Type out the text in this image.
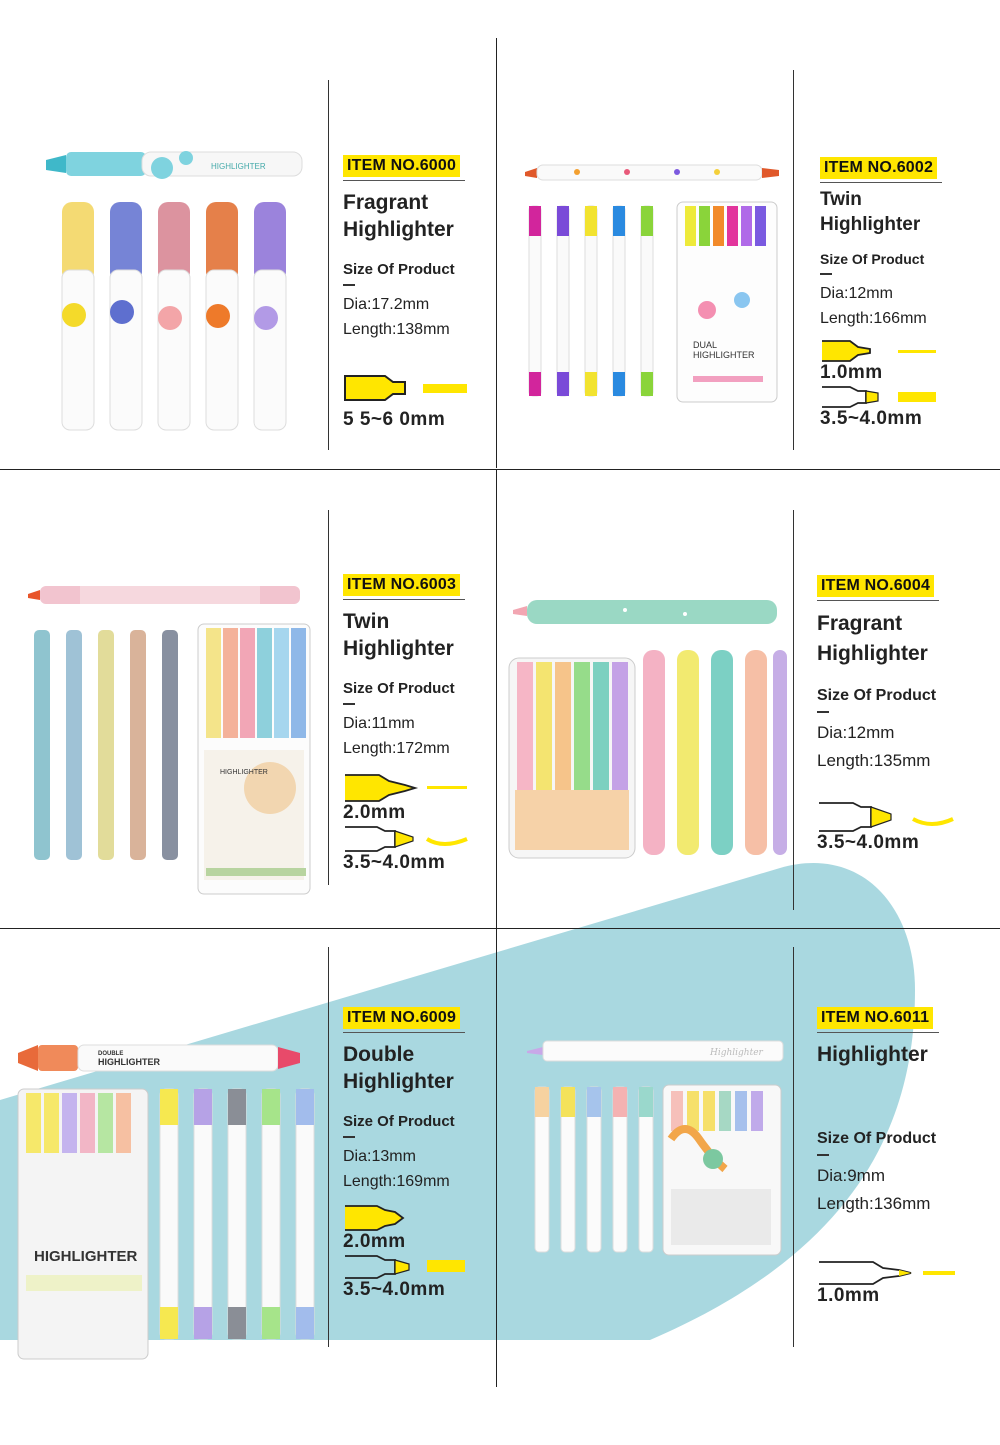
HIGHLIGHTER	ITEM NO.6000
Fragrant
Highlighter
Size Of Product
Dia:17.2mm
Length:138mm
5 5~6 0mm
DUAL
HIGHLIGHTER
ITEM NO.6002
Twin
Highlighter
Size Of Product
Dia:12mm
Length:166mm
1.0mm
3.5~4.0mm
HIGHLIGHTER
ITEM NO.6003
Twin
Highlighter
Size Of Product
Dia:11mm
Length:172mm
2.0mm
3.5~4.0mm
ITEM NO.6004
Fragrant
Highlighter
Size Of Product
Dia:12mm
Length:135mm
3.5~4.0mm
DOUBLE
HIGHLIGHTER
HIGHLIGHTER
ITEM NO.6009
Double
Highlighter
Size Of Product
Dia:13mm
Length:169mm
2.0mm
3.5~4.0mm
Highlighter
ITEM NO.6011
Highlighter
Size Of Product
Dia:9mm
Length:136mm
1.0mm
